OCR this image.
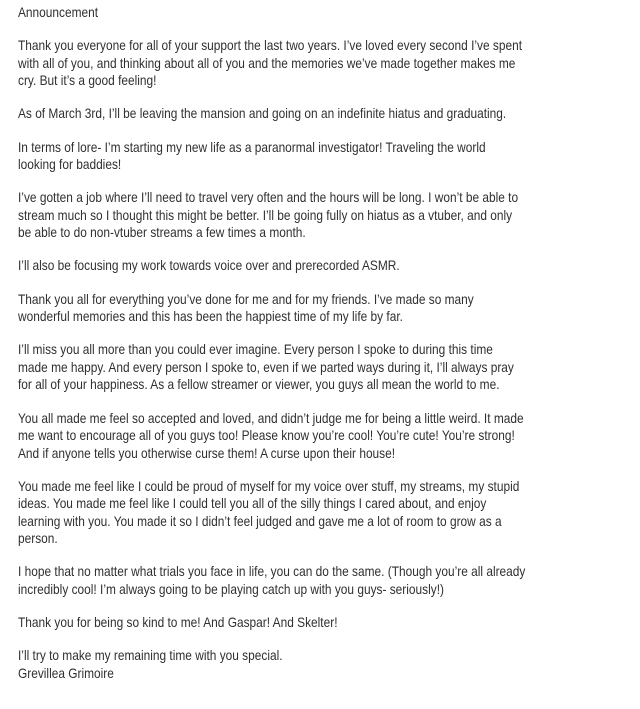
Announcement

Thank you everyone for all of your support the last two years. I’ve loved every second I’ve spent
with all of you, and thinking about all of you and the memories we’ve made together makes me
cry. But it’s a good feeling!

As of March 3rd, I’ll be leaving the mansion and going on an indefinite hiatus and graduating.

In terms of lore- I’m starting my new life as a paranormal investigator! Traveling the world
looking for baddies!

I’ve gotten a job where I’ll need to travel very often and the hours will be long. I won’t be able to
stream much so I thought this might be better. I’ll be going fully on hiatus as a vtuber, and only
be able to do non-vtuber streams a few times a month.

I’ll also be focusing my work towards voice over and prerecorded ASMR.

Thank you all for everything you’ve done for me and for my friends. I’ve made so many
wonderful memories and this has been the happiest time of my life by far.

I’ll miss you all more than you could ever imagine. Every person I spoke to during this time
made me happy. And every person I spoke to, even if we parted ways during it, I’ll always pray
for all of your happiness. As a fellow streamer or viewer, you guys all mean the world to me.

You all made me feel so accepted and loved, and didn’t judge me for being a little weird. It made
me want to encourage all of you guys too! Please know you’re cool! You’re cute! You’re strong!
And if anyone tells you otherwise curse them! A curse upon their house!

You made me feel like I could be proud of myself for my voice over stuff, my streams, my stupid
ideas. You made me feel like I could tell you all of the silly things I cared about, and enjoy
learning with you. You made it so I didn’t feel judged and gave me a lot of room to grow as a
person.

I hope that no matter what trials you face in life, you can do the same. (Though you’re all already
incredibly cool! I’m always going to be playing catch up with you guys- seriously!)

Thank you for being so kind to me! And Gaspar! And Skelter!

I’ll try to make my remaining time with you special.

Grevillea Grimoire
